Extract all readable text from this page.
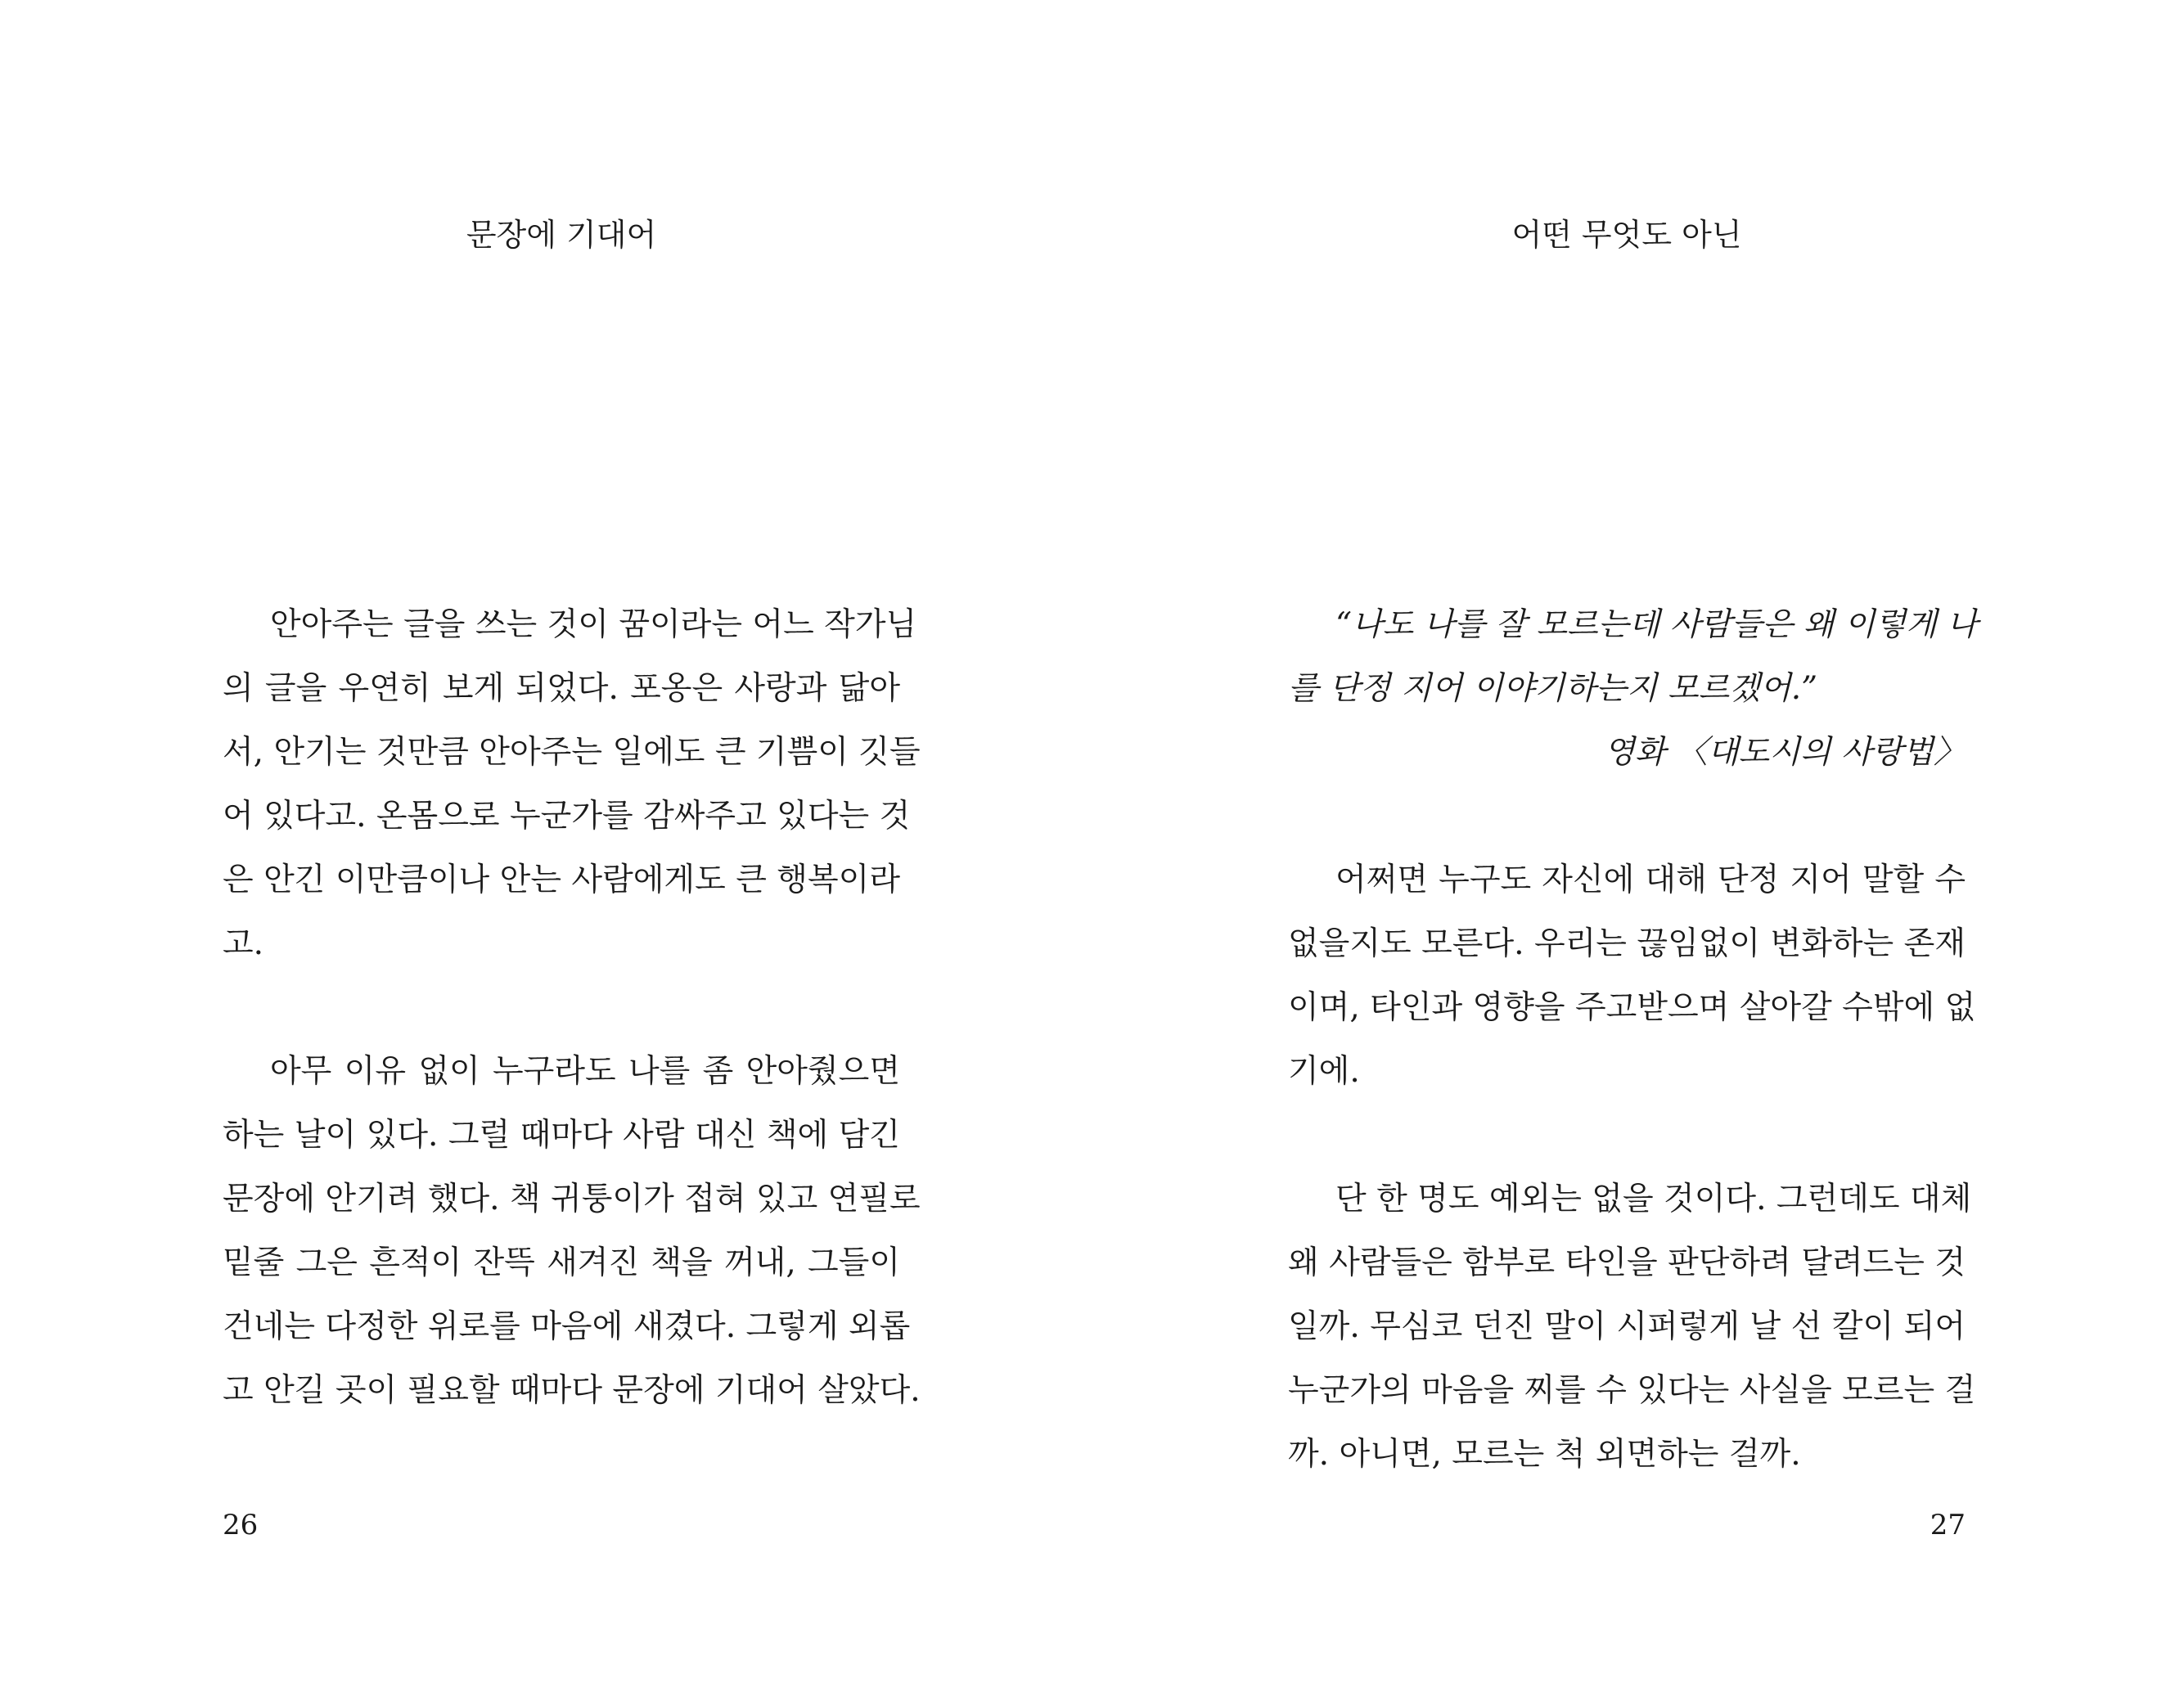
문장에 기대어
안아주는 글을 쓰는 것이 꿈이라는 어느 작가님
의 글을 우연히 보게 되었다. 포옹은 사랑과 닮아
서, 안기는 것만큼 안아주는 일에도 큰 기쁨이 깃들
어 있다고. 온몸으로 누군가를 감싸주고 있다는 것
은 안긴 이만큼이나 안는 사람에게도 큰 행복이라
고.
아무 이유 없이 누구라도 나를 좀 안아줬으면
하는 날이 있다. 그럴 때마다 사람 대신 책에 담긴
문장에 안기려 했다. 책 귀퉁이가 접혀 있고 연필로
밑줄 그은 흔적이 잔뜩 새겨진 책을 꺼내, 그들이
건네는 다정한 위로를 마음에 새겼다. 그렇게 외롭
고 안길 곳이 필요할 때마다 문장에 기대어 살았다.
26
어떤 무엇도 아닌
“나도 나를 잘 모르는데 사람들은 왜 이렇게 나
를 단정 지어 이야기하는지 모르겠어.”
영화 〈대도시의 사랑법〉
어쩌면 누구도 자신에 대해 단정 지어 말할 수
없을지도 모른다. 우리는 끊임없이 변화하는 존재
이며, 타인과 영향을 주고받으며 살아갈 수밖에 없
기에.
단 한 명도 예외는 없을 것이다. 그런데도 대체
왜 사람들은 함부로 타인을 판단하려 달려드는 것
일까. 무심코 던진 말이 시퍼렇게 날 선 칼이 되어
누군가의 마음을 찌를 수 있다는 사실을 모르는 걸
까. 아니면, 모르는 척 외면하는 걸까.
27
